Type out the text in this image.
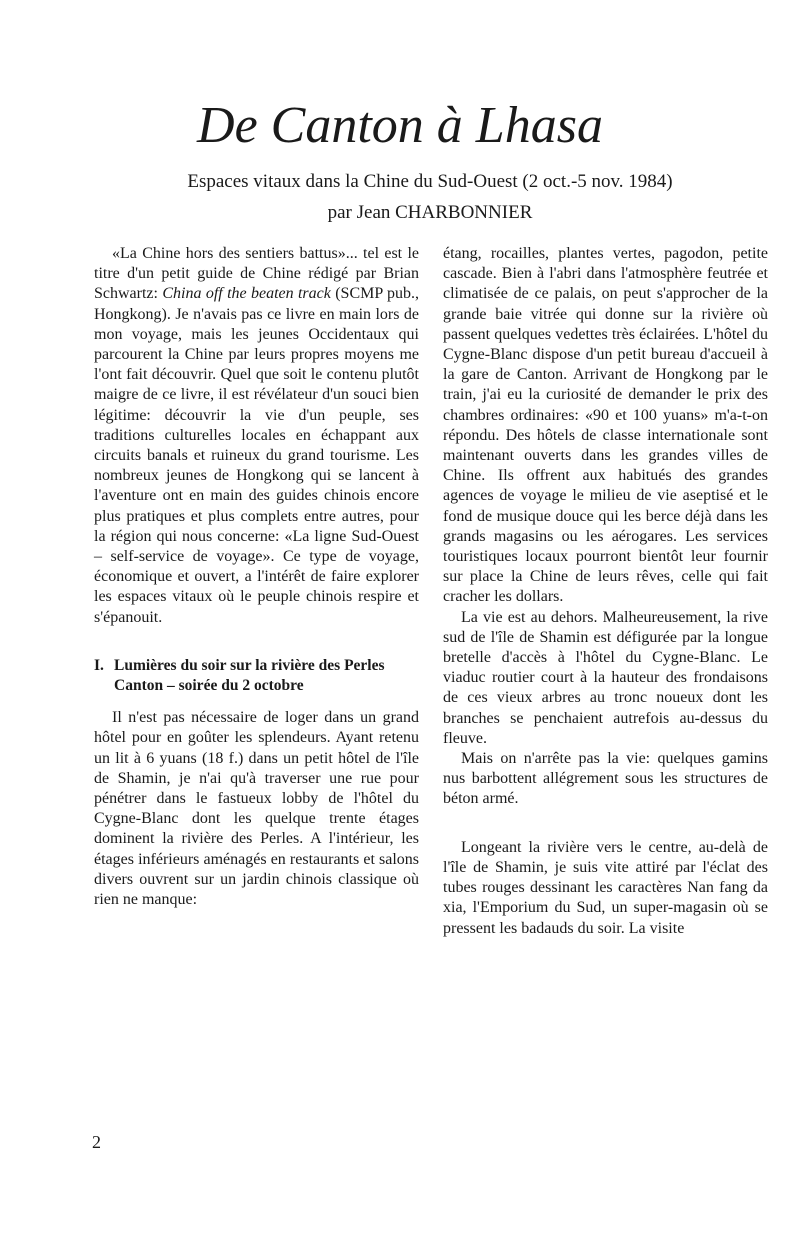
De Canton à Lhasa

Espaces vitaux dans la Chine du Sud-Ouest (2 oct.-5 nov. 1984)

par Jean CHARBONNIER

«La Chine hors des sentiers battus»... tel est le titre d'un petit guide de Chine rédigé par Brian Schwartz: China off the beaten track (SCMP pub., Hongkong). Je n'avais pas ce livre en main lors de mon voyage, mais les jeunes Occidentaux qui parcourent la Chine par leurs propres moyens me l'ont fait découvrir. Quel que soit le contenu plutôt maigre de ce livre, il est révélateur d'un souci bien légitime: découvrir la vie d'un peuple, ses traditions culturelles locales en échappant aux circuits banals et ruineux du grand tourisme. Les nombreux jeunes de Hongkong qui se lancent à l'aventure ont en main des guides chinois encore plus pratiques et plus complets entre autres, pour la région qui nous concerne: «La ligne Sud-Ouest – self-service de voyage». Ce type de voyage, économique et ouvert, a l'intérêt de faire explorer les espaces vitaux où le peuple chinois respire et s'épanouit.

I. Lumières du soir sur la rivière des Perles Canton – soirée du 2 octobre

Il n'est pas nécessaire de loger dans un grand hôtel pour en goûter les splendeurs. Ayant retenu un lit à 6 yuans (18 f.) dans un petit hôtel de l'île de Shamin, je n'ai qu'à traverser une rue pour pénétrer dans le fastueux lobby de l'hôtel du Cygne-Blanc dont les quelque trente étages dominent la rivière des Perles. A l'intérieur, les étages inférieurs aménagés en restaurants et salons divers ouvrent sur un jardin chinois classique où rien ne manque:

étang, rocailles, plantes vertes, pagodon, petite cascade. Bien à l'abri dans l'atmosphère feutrée et climatisée de ce palais, on peut s'approcher de la grande baie vitrée qui donne sur la rivière où passent quelques vedettes très éclairées. L'hôtel du Cygne-Blanc dispose d'un petit bureau d'accueil à la gare de Canton. Arrivant de Hongkong par le train, j'ai eu la curiosité de demander le prix des chambres ordinaires: «90 et 100 yuans» m'a-t-on répondu. Des hôtels de classe internationale sont maintenant ouverts dans les grandes villes de Chine. Ils offrent aux habitués des grandes agences de voyage le milieu de vie aseptisé et le fond de musique douce qui les berce déjà dans les grands magasins ou les aérogares. Les services touristiques locaux pourront bientôt leur fournir sur place la Chine de leurs rêves, celle qui fait cracher les dollars.

La vie est au dehors. Malheureusement, la rive sud de l'île de Shamin est défigurée par la longue bretelle d'accès à l'hôtel du Cygne-Blanc. Le viaduc routier court à la hauteur des frondaisons de ces vieux arbres au tronc noueux dont les branches se penchaient autrefois au-dessus du fleuve.

Mais on n'arrête pas la vie: quelques gamins nus barbottent allégrement sous les structures de béton armé.

Longeant la rivière vers le centre, au-delà de l'île de Shamin, je suis vite attiré par l'éclat des tubes rouges dessinant les caractères Nan fang da xia, l'Emporium du Sud, un super-magasin où se pressent les badauds du soir. La visite

2
